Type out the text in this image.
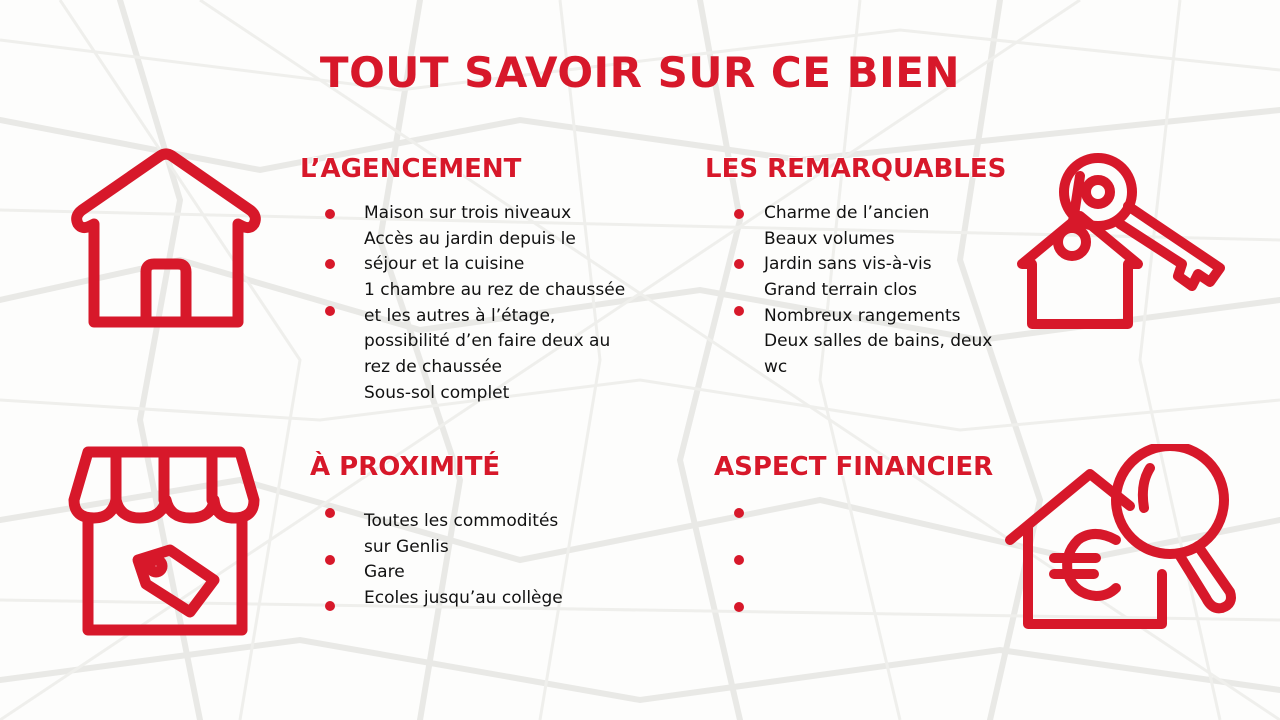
TOUT SAVOIR SUR CE BIEN
L’AGENCEMENT
Maison sur trois niveaux
Accès au jardin depuis le
séjour et la cuisine
1 chambre au rez de chaussée
et les autres à l’étage,
possibilité d’en faire deux au
rez de chaussée
Sous-sol complet
LES REMARQUABLES
Charme de l’ancien
Beaux volumes
Jardin sans vis-à-vis
Grand terrain clos
Nombreux rangements
Deux salles de bains, deux
wc
À PROXIMITÉ
Toutes les commodités
sur Genlis
Gare
Ecoles jusqu’au collège
ASPECT FINANCIER
